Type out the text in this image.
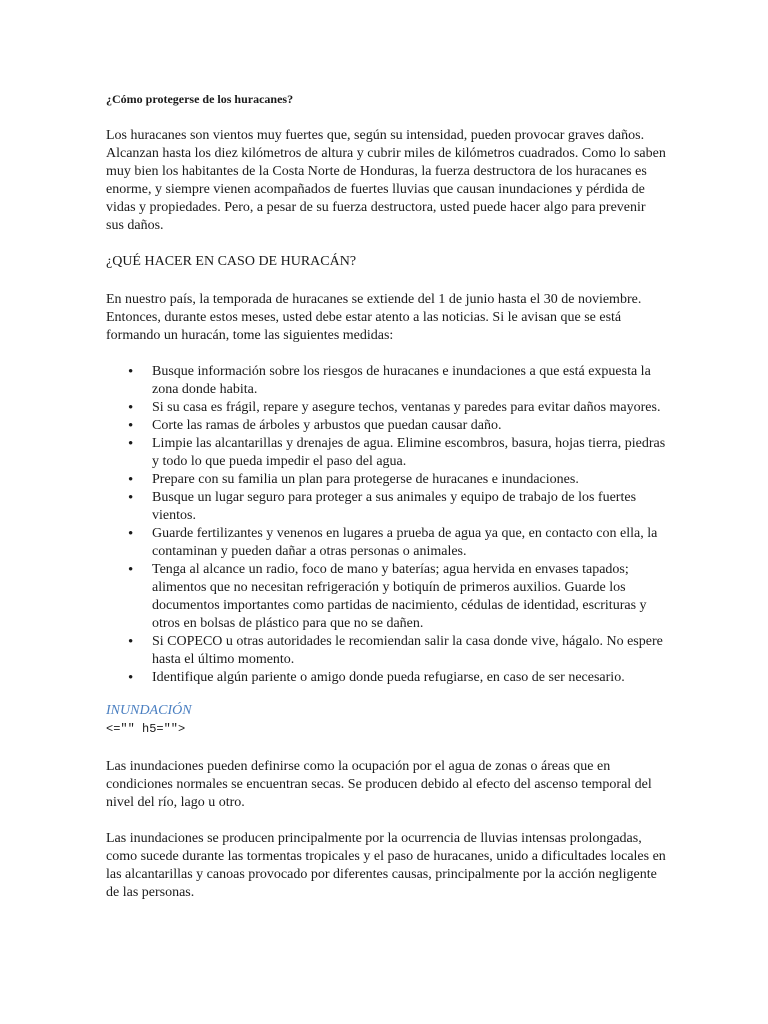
¿Cómo protegerse de los huracanes?

Los huracanes son vientos muy fuertes que, según su intensidad, pueden provocar graves daños. Alcanzan hasta los diez kilómetros de altura y cubrir miles de kilómetros cuadrados. Como lo saben muy bien los habitantes de la Costa Norte de Honduras, la fuerza destructora de los huracanes es enorme, y siempre vienen acompañados de fuertes lluvias que causan inundaciones y pérdida de vidas y propiedades. Pero, a pesar de su fuerza destructora, usted puede hacer algo para prevenir sus daños.

¿QUÉ HACER EN CASO DE HURACÁN?

En nuestro país, la temporada de huracanes se extiende del 1 de junio hasta el 30 de noviembre. Entonces, durante estos meses, usted debe estar atento a las noticias. Si le avisan que se está formando un huracán, tome las siguientes medidas:

• Busque información sobre los riesgos de huracanes e inundaciones a que está expuesta la zona donde habita.
• Si su casa es frágil, repare y asegure techos, ventanas y paredes para evitar daños mayores.
• Corte las ramas de árboles y arbustos que puedan causar daño.
• Limpie las alcantarillas y drenajes de agua. Elimine escombros, basura, hojas tierra, piedras y todo lo que pueda impedir el paso del agua.
• Prepare con su familia un plan para protegerse de huracanes e inundaciones.
• Busque un lugar seguro para proteger a sus animales y equipo de trabajo de los fuertes vientos.
• Guarde fertilizantes y venenos en lugares a prueba de agua ya que, en contacto con ella, la contaminan y pueden dañar a otras personas o animales.
• Tenga al alcance un radio, foco de mano y baterías; agua hervida en envases tapados; alimentos que no necesitan refrigeración y botiquín de primeros auxilios. Guarde los documentos importantes como partidas de nacimiento, cédulas de identidad, escrituras y otros en bolsas de plástico para que no se dañen.
• Si COPECO u otras autoridades le recomiendan salir la casa donde vive, hágalo. No espere hasta el último momento.
• Identifique algún pariente o amigo donde pueda refugiarse, en caso de ser necesario.

INUNDACIÓN

<="" h5="">

Las inundaciones pueden definirse como la ocupación por el agua de zonas o áreas que en condiciones normales se encuentran secas. Se producen debido al efecto del ascenso temporal del nivel del río, lago u otro.

Las inundaciones se producen principalmente por la ocurrencia de lluvias intensas prolongadas, como sucede durante las tormentas tropicales y el paso de huracanes, unido a dificultades locales en las alcantarillas y canoas provocado por diferentes causas, principalmente por la acción negligente de las personas.
